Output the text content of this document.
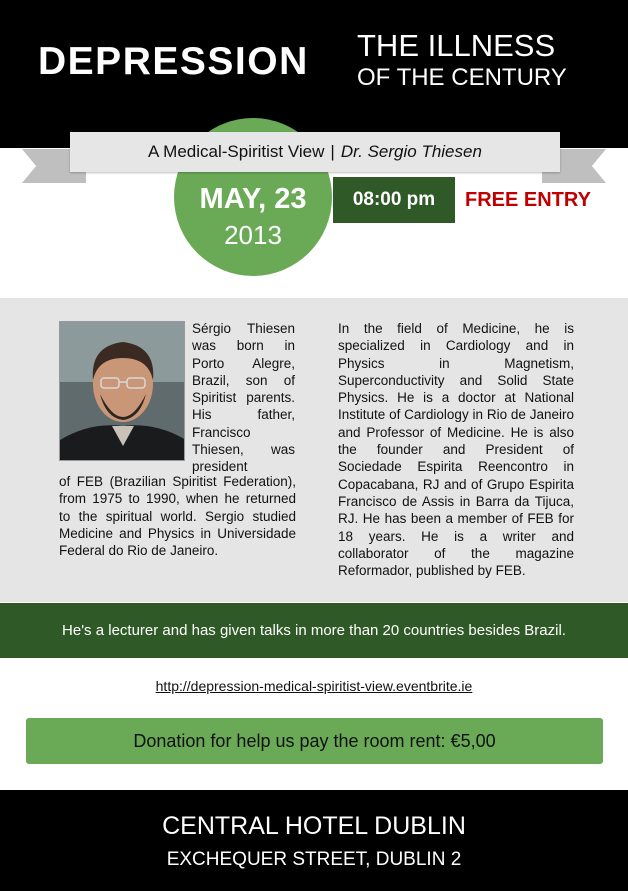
DEPRESSION THE ILLNESS
OF THE CENTURY
A Medical-Spiritist View | Dr. Sergio Thiesen
MAY, 23
2013
08:00 pm	FREE ENTRY
Sérgio Thiesen was born in Porto Alegre, Brazil, son of Spiritist parents. His father, Francisco Thiesen, was president
of FEB (Brazilian Spiritist Federation), from 1975 to 1990, when he returned to the spiritual world. Sergio studied Medicine and Physics in Universidade Federal do Rio de Janeiro.
In the field of Medicine, he is specialized in Cardiology and in Physics in Magnetism, Superconductivity and Solid State Physics. He is a doctor at National Institute of Cardiology in Rio de Janeiro and Professor of Medicine. He is also the founder and President of Sociedade Espirita Reencontro in Copacabana, RJ and of Grupo Espirita Francisco de Assis in Barra da Tijuca, RJ. He has been a member of FEB for 18 years. He is a writer and collaborator of the magazine Reformador, published by FEB.
He's a lecturer and has given talks in more than 20 countries besides Brazil.
http://depression-medical-spiritist-view.eventbrite.ie
Donation for help us pay the room rent: €5,00
CENTRAL HOTEL DUBLIN
EXCHEQUER STREET, DUBLIN 2
